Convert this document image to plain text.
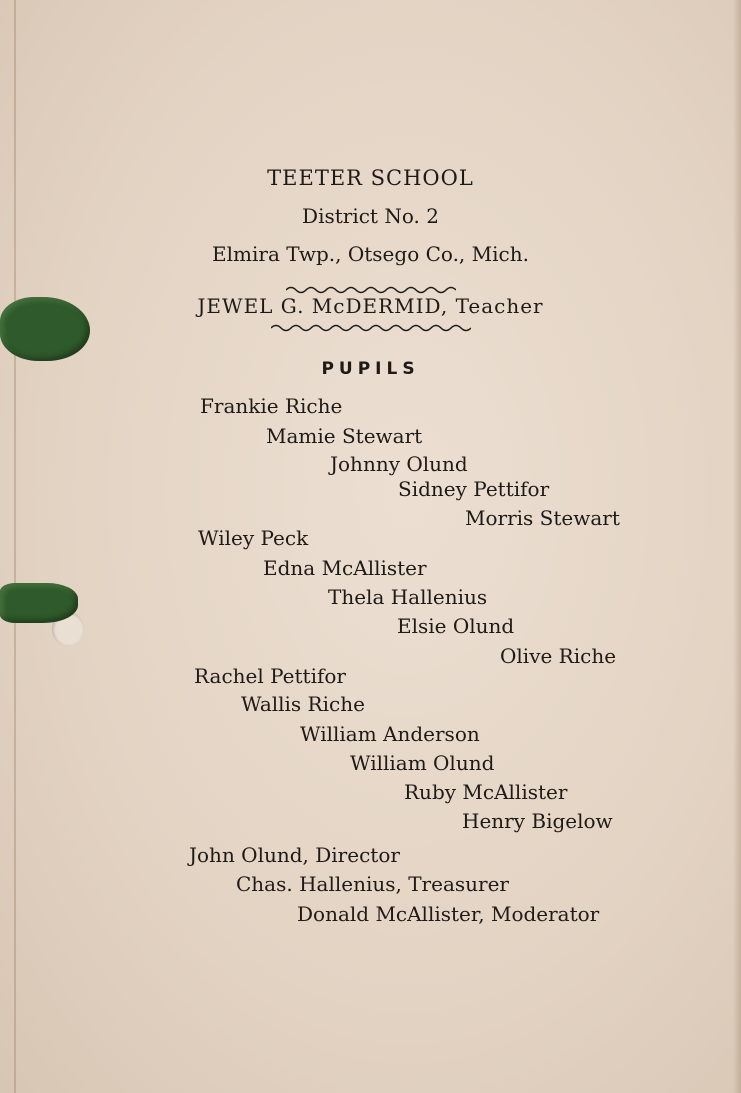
TEETER SCHOOL
District No. 2
Elmira Twp., Otsego Co., Mich.
JEWEL G. McDERMID, Teacher
PUPILS
Frankie Riche
Mamie Stewart
Johnny Olund
Sidney Pettifor
Morris Stewart
Wiley Peck
Edna McAllister
Thela Hallenius
Elsie Olund
Olive Riche
Rachel Pettifor
Wallis Riche
William Anderson
William Olund
Ruby McAllister
Henry Bigelow
John Olund, Director
Chas. Hallenius, Treasurer
Donald McAllister, Moderator
